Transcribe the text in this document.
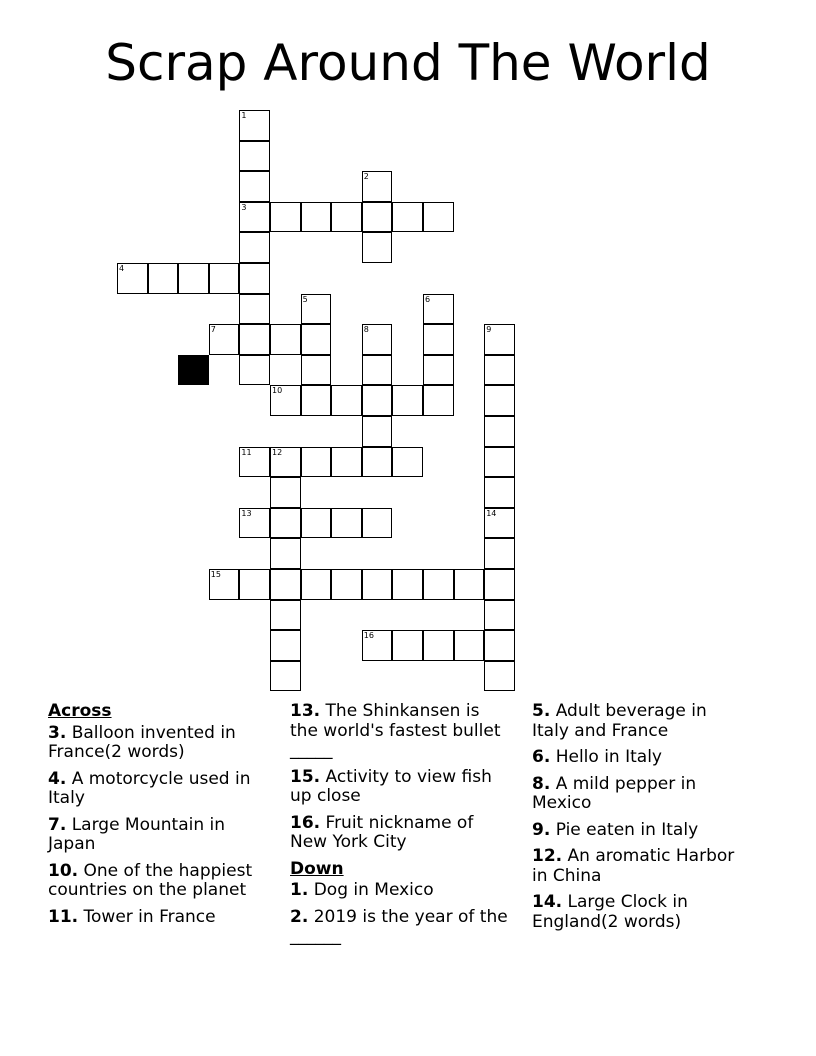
Scrap Around The World
1
3
2
4
5	6
7	8	9
10
11	12
13	14
15
16
Across
3. Balloon invented in France(2 words)
4. A motorcycle used in Italy
7. Large Mountain in Japan
10. One of the happiest countries on the planet
11. Tower in France
13. The Shinkansen is the world's fastest bullet _____
15. Activity to view fish up close
16. Fruit nickname of New York City
Down
1. Dog in Mexico
2. 2019 is the year of the ______
5. Adult beverage in Italy and France
6. Hello in Italy
8. A mild pepper in Mexico
9. Pie eaten in Italy
12. An aromatic Harbor in China
14. Large Clock in England(2 words)
